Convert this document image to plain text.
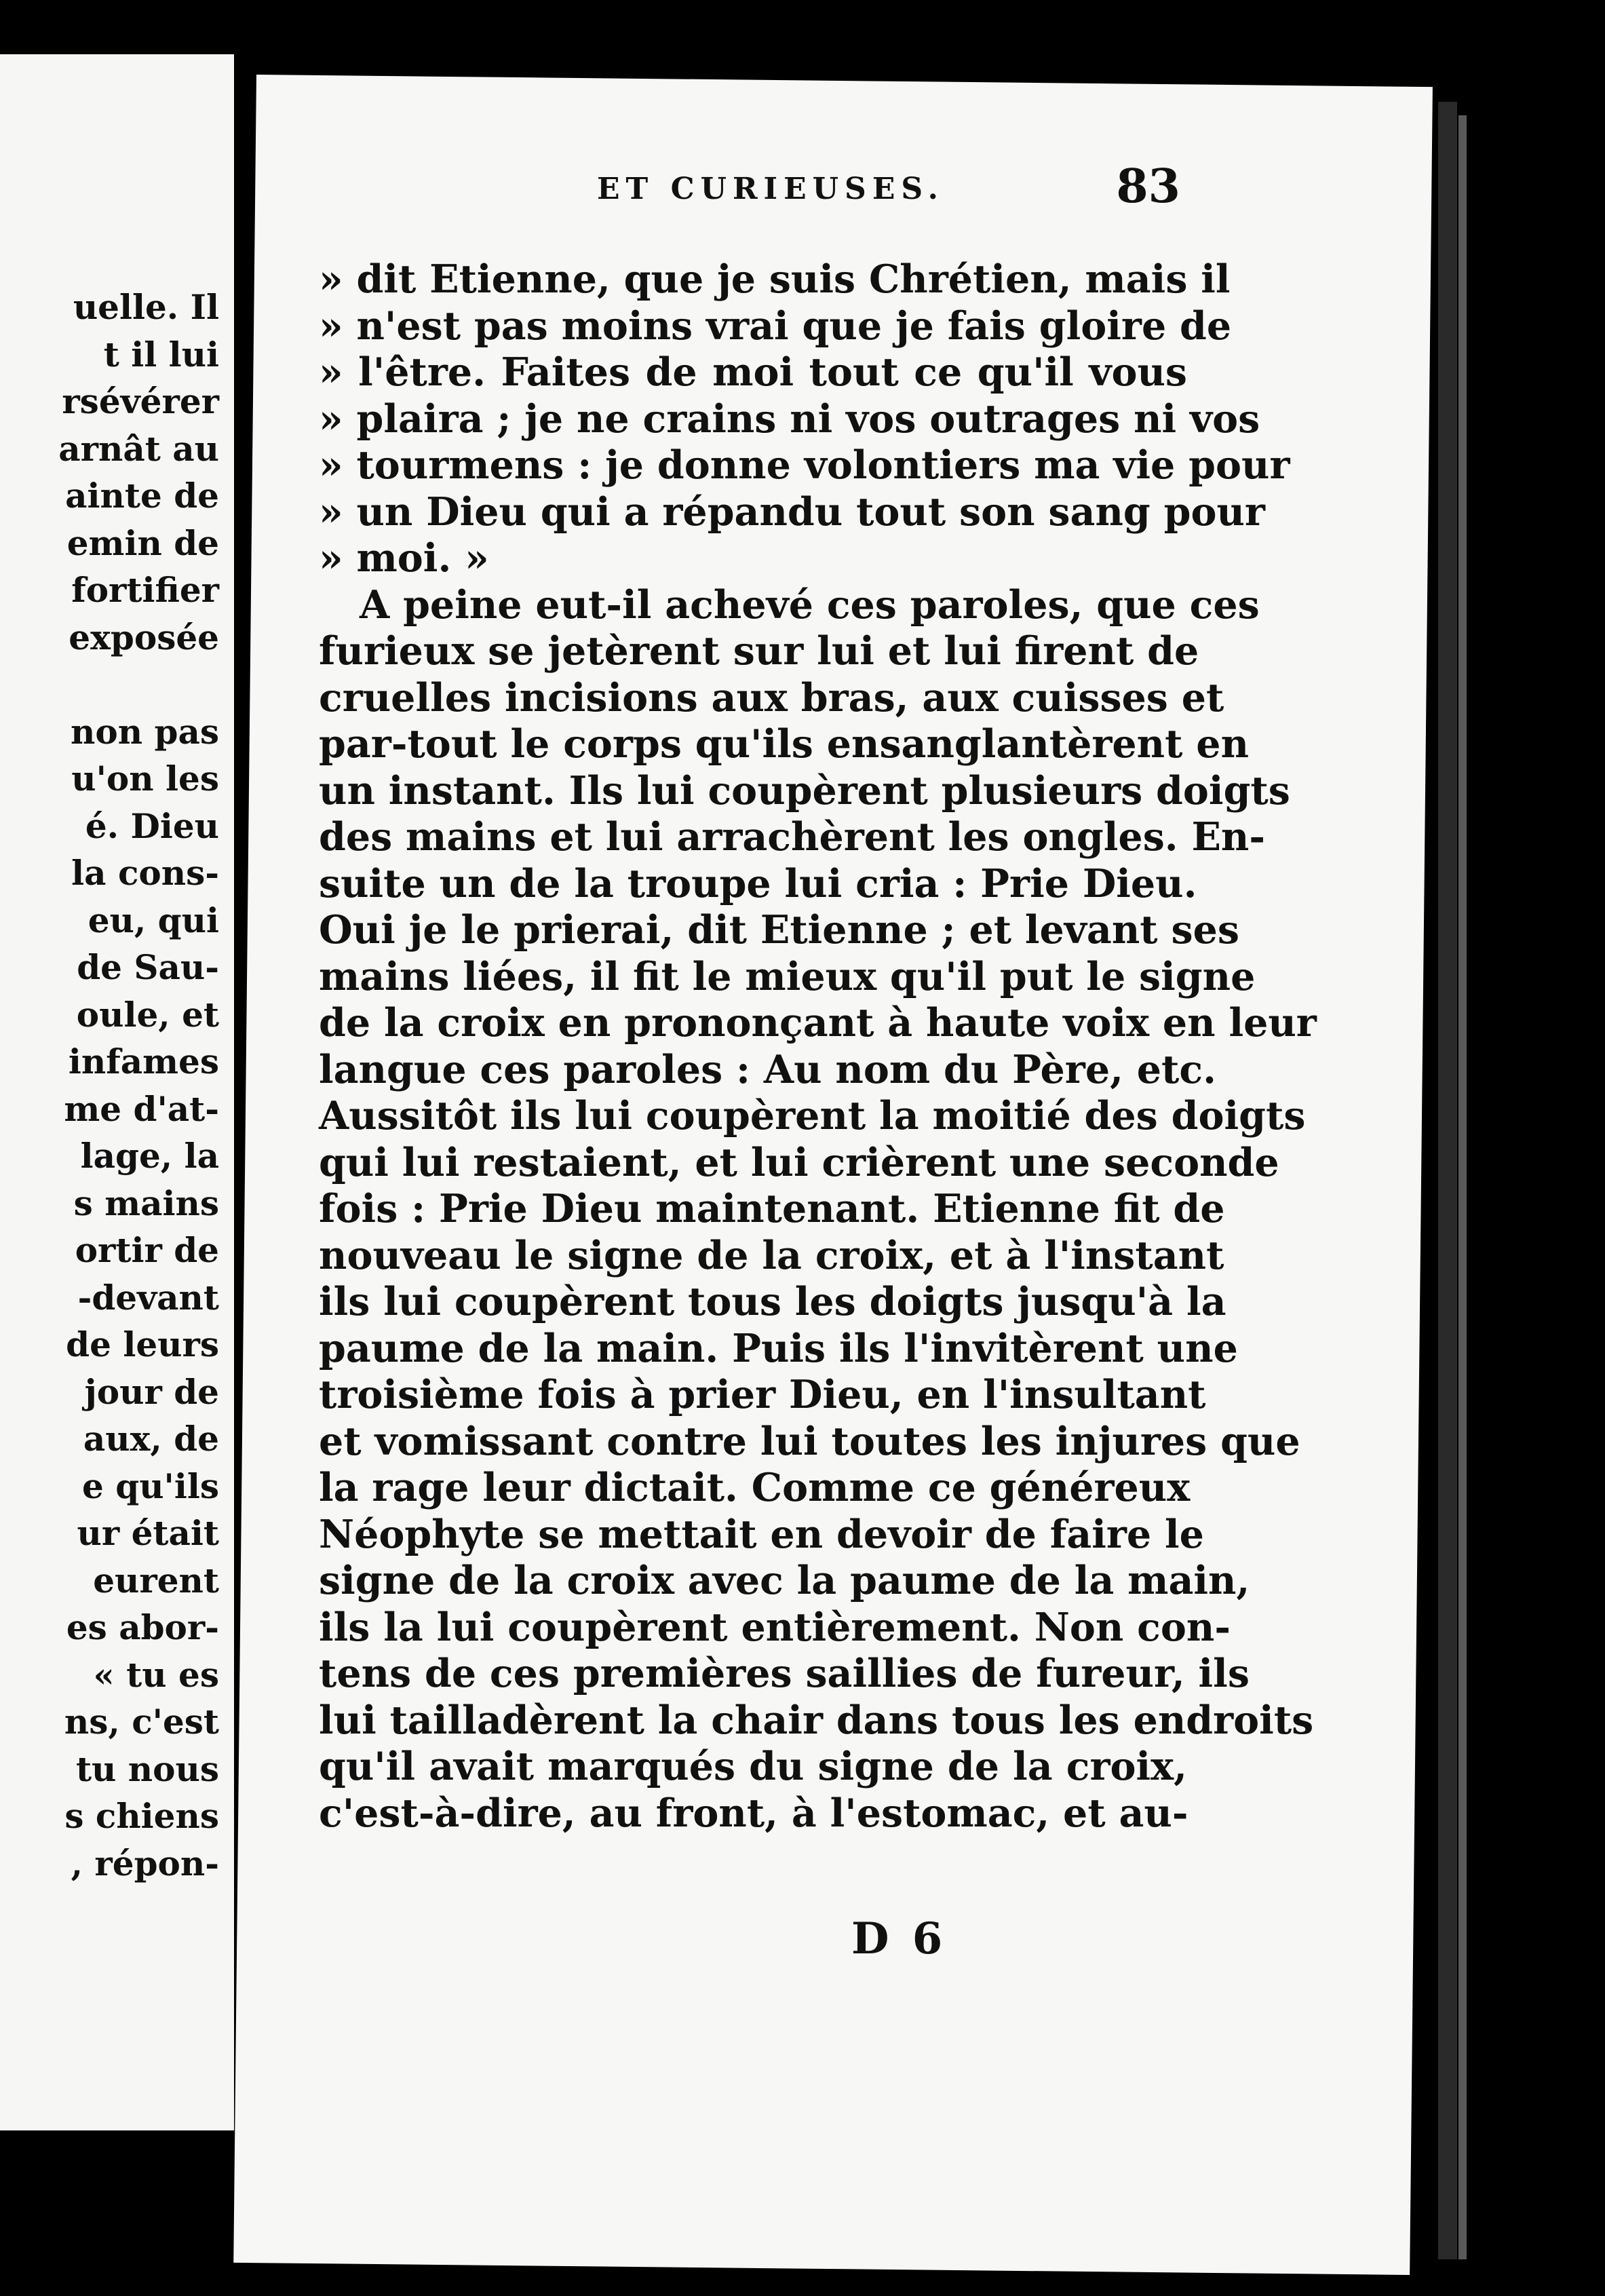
uelle. Il
t il lui
rsévérer
arnât au
ainte de
emin de
fortifier
exposée
non pas
u'on les
é. Dieu
la cons-
eu, qui
de Sau-
oule, et
infames
me d'at-
lage, la
s mains
ortir de
-devant
de leurs
jour de
aux, de
e qu'ils
ur était
eurent
es abor-
« tu es
ns, c'est
tu nous
s chiens
, répon-
ET CURIEUSES.	83
» dit Etienne, que je suis Chrétien, mais il
» n'est pas moins vrai que je fais gloire de
» l'être. Faites de moi tout ce qu'il vous
» plaira ; je ne crains ni vos outrages ni vos
» tourmens : je donne volontiers ma vie pour
» un Dieu qui a répandu tout son sang pour
» moi. »
A peine eut-il achevé ces paroles, que ces
furieux se jetèrent sur lui et lui firent de
cruelles incisions aux bras, aux cuisses et
par-tout le corps qu'ils ensanglantèrent en
un instant. Ils lui coupèrent plusieurs doigts
des mains et lui arrachèrent les ongles. En-
suite un de la troupe lui cria : Prie Dieu.
Oui je le prierai, dit Etienne ; et levant ses
mains liées, il fit le mieux qu'il put le signe
de la croix en prononçant à haute voix en leur
langue ces paroles : Au nom du Père, etc.
Aussitôt ils lui coupèrent la moitié des doigts
qui lui restaient, et lui crièrent une seconde
fois : Prie Dieu maintenant. Etienne fit de
nouveau le signe de la croix, et à l'instant
ils lui coupèrent tous les doigts jusqu'à la
paume de la main. Puis ils l'invitèrent une
troisième fois à prier Dieu, en l'insultant
et vomissant contre lui toutes les injures que
la rage leur dictait. Comme ce généreux
Néophyte se mettait en devoir de faire le
signe de la croix avec la paume de la main,
ils la lui coupèrent entièrement. Non con-
tens de ces premières saillies de fureur, ils
lui tailladèrent la chair dans tous les endroits
qu'il avait marqués du signe de la croix,
c'est-à-dire, au front, à l'estomac, et au-
D 6
